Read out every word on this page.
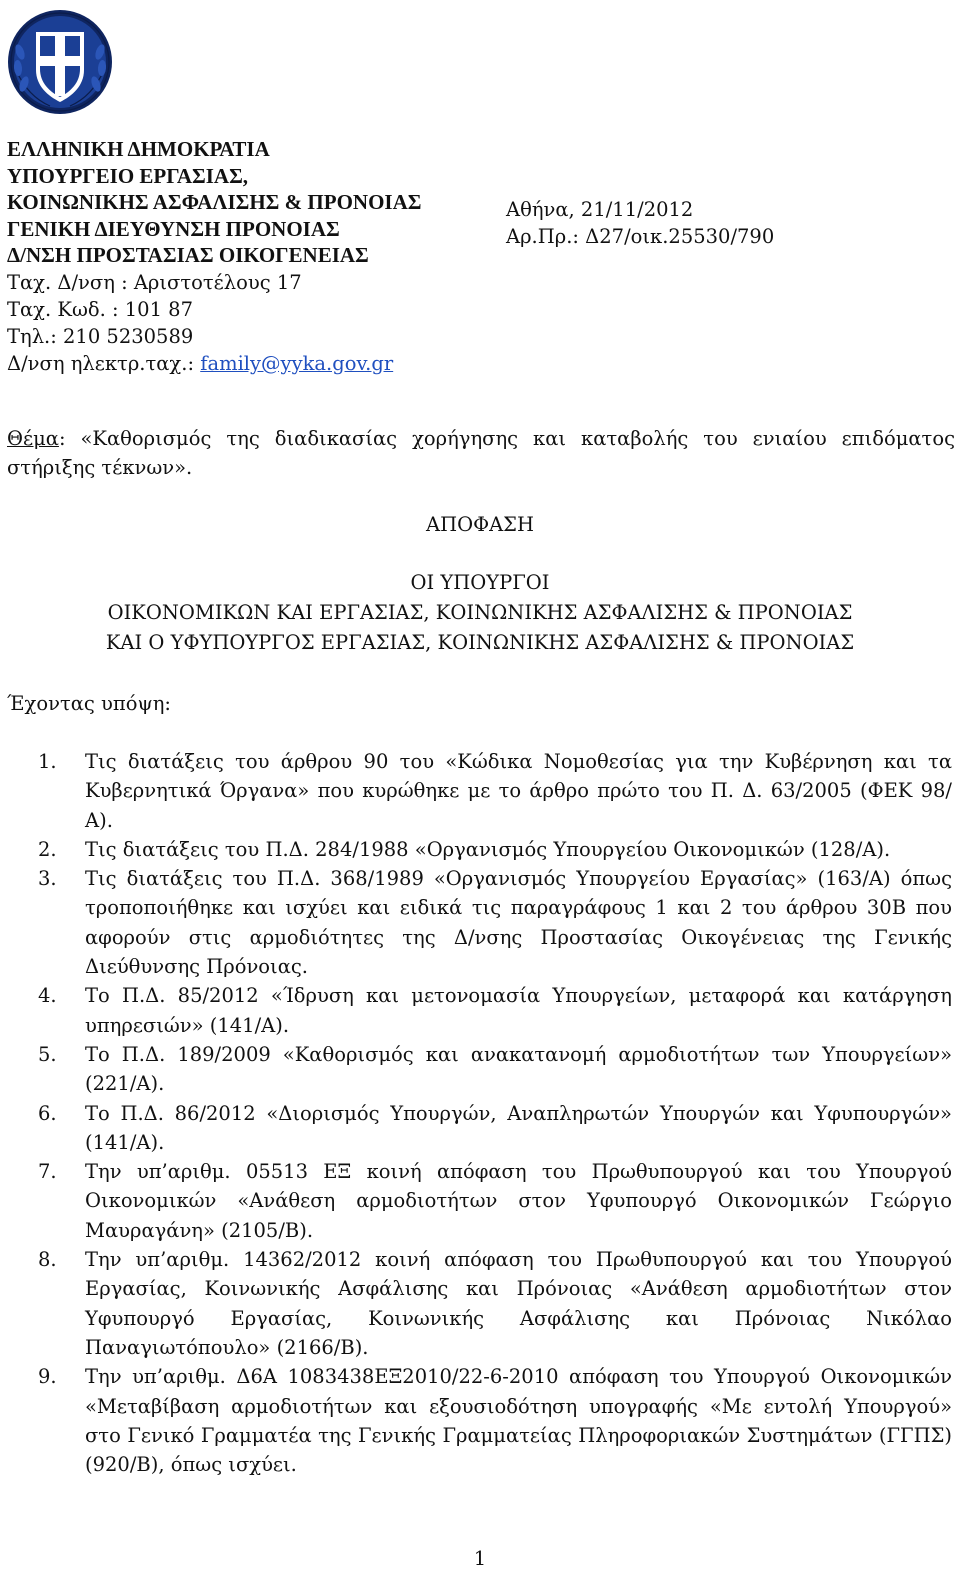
ΕΛΛΗΝΙΚΗ ΔΗΜΟΚΡΑΤΙΑ
ΥΠΟΥΡΓΕΙΟ ΕΡΓΑΣΙΑΣ,
ΚΟΙΝΩΝΙΚΗΣ ΑΣΦΑΛΙΣΗΣ & ΠΡΟΝΟΙΑΣ
ΓΕΝΙΚΗ ΔΙΕΥΘΥΝΣΗ ΠΡΟΝΟΙΑΣ
Δ/ΝΣΗ ΠΡΟΣΤΑΣΙΑΣ ΟΙΚΟΓΕΝΕΙΑΣ
Ταχ. Δ/νση : Αριστοτέλους 17
Ταχ. Κωδ. : 101 87
Τηλ.: 210 5230589
Δ/νση ηλεκτρ.ταχ.: family@yyka.gov.gr
Αθήνα, 21/11/2012
Αρ.Πρ.: Δ27/οικ.25530/790
Θέμα: «Καθορισμός της διαδικασίας χορήγησης και καταβολής του ενιαίου επιδόματος στήριξης τέκνων».
ΑΠΟΦΑΣΗ
ΟΙ ΥΠΟΥΡΓΟΙ
ΟΙΚΟΝΟΜΙΚΩΝ ΚΑΙ ΕΡΓΑΣΙΑΣ, ΚΟΙΝΩΝΙΚΗΣ ΑΣΦΑΛΙΣΗΣ & ΠΡΟΝΟΙΑΣ
ΚΑΙ Ο ΥΦΥΠΟΥΡΓΟΣ ΕΡΓΑΣΙΑΣ, ΚΟΙΝΩΝΙΚΗΣ ΑΣΦΑΛΙΣΗΣ & ΠΡΟΝΟΙΑΣ
Έχοντας υπόψη:
1. Τις διατάξεις του άρθρου 90 του «Κώδικα Νομοθεσίας για την Κυβέρνηση και τα Κυβερνητικά Όργανα» που κυρώθηκε με το άρθρο πρώτο του Π. Δ. 63/2005 (ΦΕΚ 98/Α).
2. Τις διατάξεις του Π.Δ. 284/1988 «Οργανισμός Υπουργείου Οικονομικών (128/Α).
3. Τις διατάξεις του Π.Δ. 368/1989 «Οργανισμός Υπουργείου Εργασίας» (163/Α) όπως τροποποιήθηκε και ισχύει και ειδικά τις παραγράφους 1 και 2 του άρθρου 30Β που αφορούν στις αρμοδιότητες της Δ/νσης Προστασίας Οικογένειας της Γενικής Διεύθυνσης Πρόνοιας.
4. Το Π.Δ. 85/2012 «Ίδρυση και μετονομασία Υπουργείων, μεταφορά και κατάργηση υπηρεσιών» (141/Α).
5. Το Π.Δ. 189/2009 «Καθορισμός και ανακατανομή αρμοδιοτήτων των Υπουργείων» (221/Α).
6. Το Π.Δ. 86/2012 «Διορισμός Υπουργών, Αναπληρωτών Υπουργών και Υφυπουργών» (141/Α).
7. Την υπ’αριθμ. 05513 ΕΞ κοινή απόφαση του Πρωθυπουργού και του Υπουργού Οικονομικών «Ανάθεση αρμοδιοτήτων στον Υφυπουργό Οικονομικών Γεώργιο Μαυραγάνη» (2105/Β).
8. Την υπ’αριθμ. 14362/2012 κοινή απόφαση του Πρωθυπουργού και του Υπουργού Εργασίας, Κοινωνικής Ασφάλισης και Πρόνοιας «Ανάθεση αρμοδιοτήτων στον Υφυπουργό Εργασίας, Κοινωνικής Ασφάλισης και Πρόνοιας Νικόλαο Παναγιωτόπουλο» (2166/Β).
9. Την υπ’αριθμ. Δ6Α 1083438ΕΞ2010/22-6-2010 απόφαση του Υπουργού Οικονομικών «Μεταβίβαση αρμοδιοτήτων και εξουσιοδότηση υπογραφής «Με εντολή Υπουργού» στο Γενικό Γραμματέα της Γενικής Γραμματείας Πληροφοριακών Συστημάτων (ΓΓΠΣ) (920/Β), όπως ισχύει.
1
